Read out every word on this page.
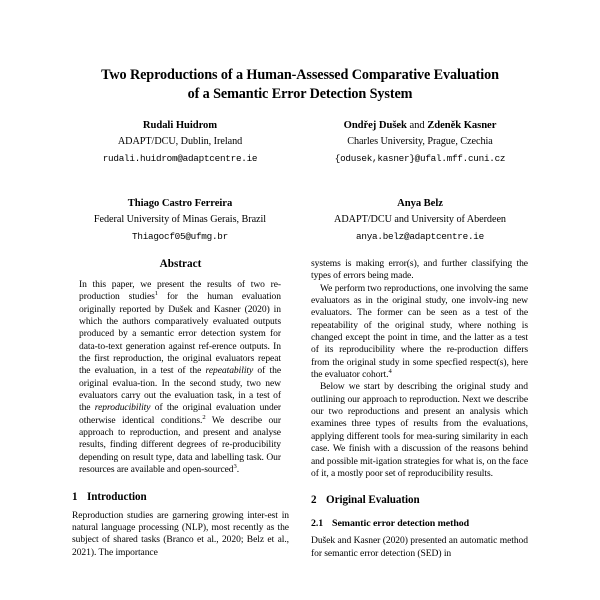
Two Reproductions of a Human-Assessed Comparative Evaluation
of a Semantic Error Detection System
Rudali Huidrom
ADAPT/DCU, Dublin, Ireland
rudali.huidrom@adaptcentre.ie
Ondřej Dušek and Zdeněk Kasner
Charles University, Prague, Czechia
{odusek,kasner}@ufal.mff.cuni.cz
Thiago Castro Ferreira
Federal University of Minas Gerais, Brazil
Thiagocf05@ufmg.br
Anya Belz
ADAPT/DCU and University of Aberdeen
anya.belz@adaptcentre.ie
Abstract

In this paper, we present the results of two re-production studies$^1$ for the human evaluation originally reported by Dušek and Kasner (2020) in which the authors comparatively evaluated outputs produced by a semantic error detection system for data-to-text generation against ref-erence outputs. In the first reproduction, the original evaluators repeat the evaluation, in a test of the repeatability of the original evalua-tion. In the second study, two new evaluators carry out the evaluation task, in a test of the reproducibility of the original evaluation under otherwise identical conditions.$^2$ We describe our approach to reproduction, and present and analyse results, finding different degrees of re-producibility depending on result type, data and labelling task. Our resources are available and open-sourced$^3$.

1 Introduction

Reproduction studies are garnering growing inter-est in natural language processing (NLP), most recently as the subject of shared tasks (Branco et al., 2020; Belz et al., 2021). The importance

systems is making error(s), and further classifying the types of errors being made.

We perform two reproductions, one involving the same evaluators as in the original study, one involv-ing new evaluators. The former can be seen as a test of the repeatability of the original study, where nothing is changed except the point in time, and the latter as a test of its reproducibility where the re-production differs from the original study in some specfied respect(s), here the evaluator cohort.$^4$

Below we start by describing the original study and outlining our approach to reproduction. Next we describe our two reproductions and present an analysis which examines three types of results from the evaluations, applying different tools for mea-suring similarity in each case. We finish with a discussion of the reasons behind and possible mit-igation strategies for what is, on the face of it, a mostly poor set of reproducibility results.

2 Original Evaluation
2.1 Semantic error detection method

Dušek and Kasner (2020) presented an automatic method for semantic error detection (SED) in
